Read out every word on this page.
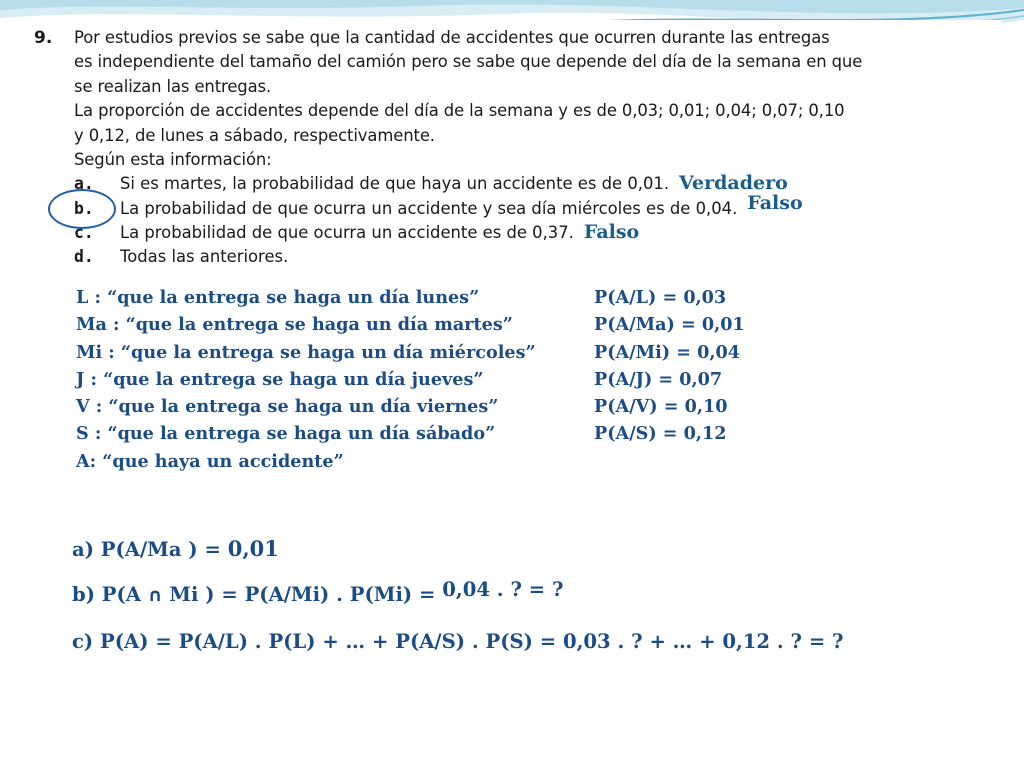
9. Por estudios previos se sabe que la cantidad de accidentes que ocurren durante las entregas
es independiente del tamaño del camión pero se sabe que depende del día de la semana en que
se realizan las entregas.
La proporción de accidentes depende del día de la semana y es de 0,03; 0,01; 0,04; 0,07; 0,10
y 0,12, de lunes a sábado, respectivamente.
Según esta información:
a. Si es martes, la probabilidad de que haya un accidente es de 0,01. Verdadero
b. La probabilidad de que ocurra un accidente y sea día miércoles es de 0,04. Falso
c. La probabilidad de que ocurra un accidente es de 0,37. Falso
d. Todas las anteriores.
L : “que la entrega se haga un día lunes”	P(A/L) = 0,03
Ma : “que la entrega se haga un día martes”	P(A/Ma) = 0,01
Mi : “que la entrega se haga un día miércoles”	P(A/Mi) = 0,04
J : “que la entrega se haga un día jueves”	P(A/J) = 0,07
V : “que la entrega se haga un día viernes”	P(A/V) = 0,10
S : “que la entrega se haga un día sábado”	P(A/S) = 0,12
A: “que haya un accidente”
a) P(A/Ma ) = 0,01
b) P(A ∩ Mi ) = P(A/Mi) . P(Mi) = 0,04 . ? = ?
c) P(A) = P(A/L) . P(L) + … + P(A/S) . P(S) = 0,03 . ? + … + 0,12 . ? = ?
